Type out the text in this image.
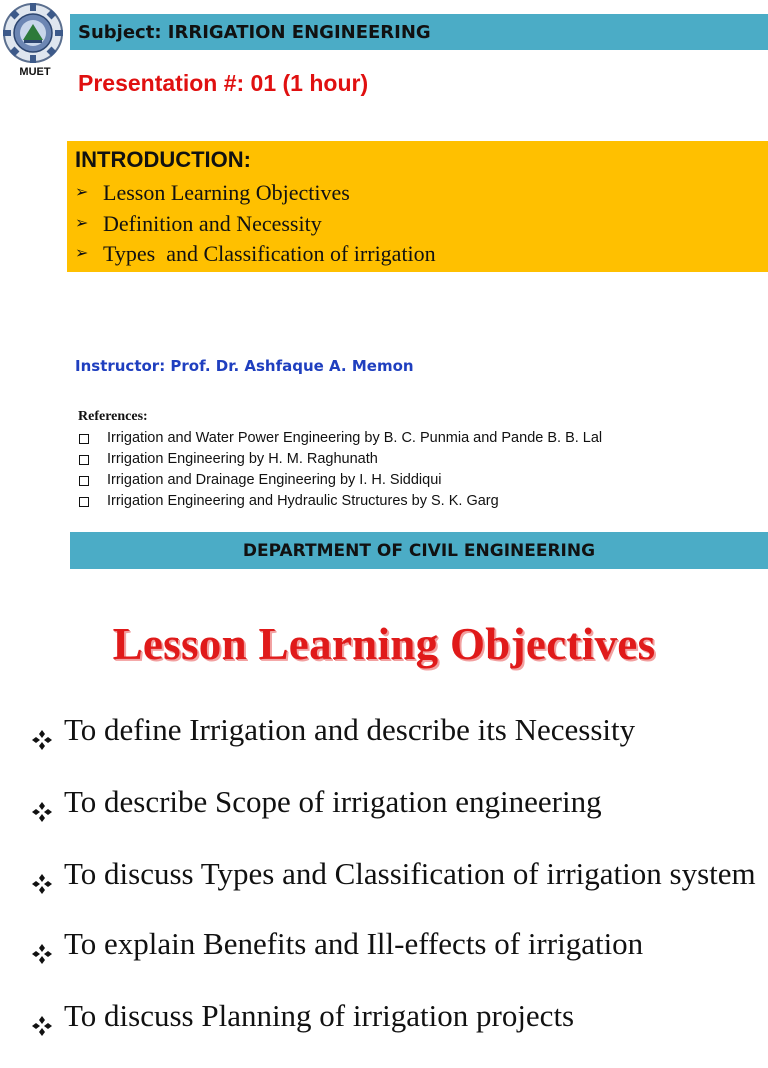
MUET
Subject: IRRIGATION ENGINEERING
Presentation #: 01 (1 hour)
INTRODUCTION:
➢ Lesson Learning Objectives
➢ Definition and Necessity
➢ Types  and Classification of irrigation
Instructor: Prof. Dr. Ashfaque A. Memon
References:
Irrigation and Water Power Engineering by B. C. Punmia and Pande B. B. Lal
Irrigation Engineering by H. M. Raghunath
Irrigation and Drainage Engineering by I. H. Siddiqui
Irrigation Engineering and Hydraulic Structures by S. K. Garg
DEPARTMENT OF CIVIL ENGINEERING
Lesson Learning Objectives
To define Irrigation and describe its Necessity
To describe Scope of irrigation engineering
To discuss Types and Classification of irrigation system
To explain Benefits and Ill-effects of irrigation
To discuss Planning of irrigation projects
